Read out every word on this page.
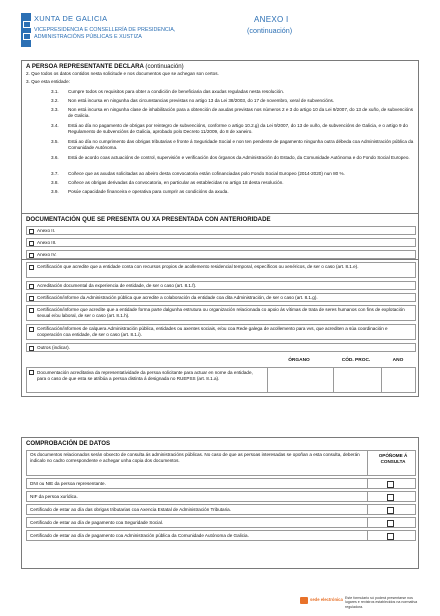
XUNTA DE GALICIA
VICEPRESIDENCIA E CONSELLERÍA DE PRESIDENCIA,
ADMINISTRACIÓNS PÚBLICAS E XUSTIZA
ANEXO I
(continuación)
A PERSOA REPRESENTANTE DECLARA (continuación)
2. Que todos os datos contidos nesta solicitude e nos documentos que se achegan son certos.
3. Que esta entidade:
3.1. Cumpre todos os requisitos para obter a condición de beneficiaria das axudas reguladas nesta resolución.
3.2. Non está incursa en ningunha das circunstancias previstas no artigo 13 da Lei 38/2003, do 17 de novembro, xeral de subvencións.
3.3. Non está incursa en ningunha clase de inhabilitación para a obtención de axudas previstas nos números 2 e 3 do artigo 10 da Lei 9/2007, do 13 de xuño, de subvencións de Galicia.
3.4. Está ao día no pagamento de obrigas por reintegro de subvencións, conforme o artigo 10.2.g) da Lei 9/2007, do 13 de xuño, de subvencións de Galicia, e o artigo 9 do Regulamento de subvencións de Galicia, aprobado polo Decreto 11/2009, do 8 de xaneiro.
3.5. Está ao día no cumprimento das obrigas tributarias e fronte á Seguridade Social e non ten pendente de pagamento ningunha outra débeda coa Administración pública da Comunidade Autónoma.
3.6. Está de acordo coas actuacións de control, supervisión e verificación dos órganos da Administración do Estado, da Comunidade Autónoma e do Fondo Social Europeo.
3.7. Coñece que as axudas solicitadas ao abeiro desta convocatoria están cofinanciadas polo Fondo Social Europeo (2014-2020) nun 80 %.
3.8. Coñece as obrigas derivadas da convocatoria, en particular as establecidas no artigo 18 desta resolución.
3.9. Posúe capacidade financeira e operativa para cumprir as condicións da axuda.
DOCUMENTACIÓN QUE SE PRESENTA OU XA PRESENTADA CON ANTERIORIDADE
Anexo II.
Anexo III.
Anexo IV.
Certificación que acredite que a entidade conta con recursos propios de acollemento residencial temporal, específicos ou xenéricos, de ser o caso (art. 8.1.e).
Acreditación documental da experiencia de entidade, de ser o caso (art. 8.1.f).
Certificación/informe da Administración pública que acredite a colaboración da entidade coa dita Administración, de ser o caso (art. 8.1.g).
Certificación/informe que acredite que a entidade forma parte dalgunha estrutura ou organización relacionada co apoio ás vítimas de trata de seres humanos con fins de explotación sexual e/ou laboral, de ser o caso (art. 8.1.h).
Certificación/informes de calquera Administración pública, entidades ou axentes sociais, e/ou coa Rede galega de acollemento para vvs, que acrediten a súa coordinación e cooperación coa entidade, de ser o caso (art. 8.1.i).
Outros (indicar).
ÓRGANO	CÓD. PROC.	ANO
Documentación acreditativa da representatividade da persoa solicitante para actuar en nome da entidade, para o caso de que esta se atribúa a persoa distinta á designada no RUEPSS (art. 8.1.a).
COMPROBACIÓN DE DATOS
Os documentos relacionados serán obxecto de consulta ás administracións públicas. No caso de que as persoas interesadas se opoñan a esta consulta, deberán indicalo no cadro correspondente e achegar unha copia dos documentos.
OPÓÑOME Á CONSULTA
DNI ou NIE da persoa representante.
NIF da persoa xurídica.
Certificado de estar ao día das obrigas tributarias coa Axencia Estatal de Administración Tributaria.
Certificado de estar ao día de pagamento coa Seguridade Social.
Certificado de estar ao día de pagamento coa Administración pública da Comunidade Autónoma de Galicia.
sede electrónica Este formulario só poderá presentarse nos lugares e rexistros establecidos na normativa reguladora.
